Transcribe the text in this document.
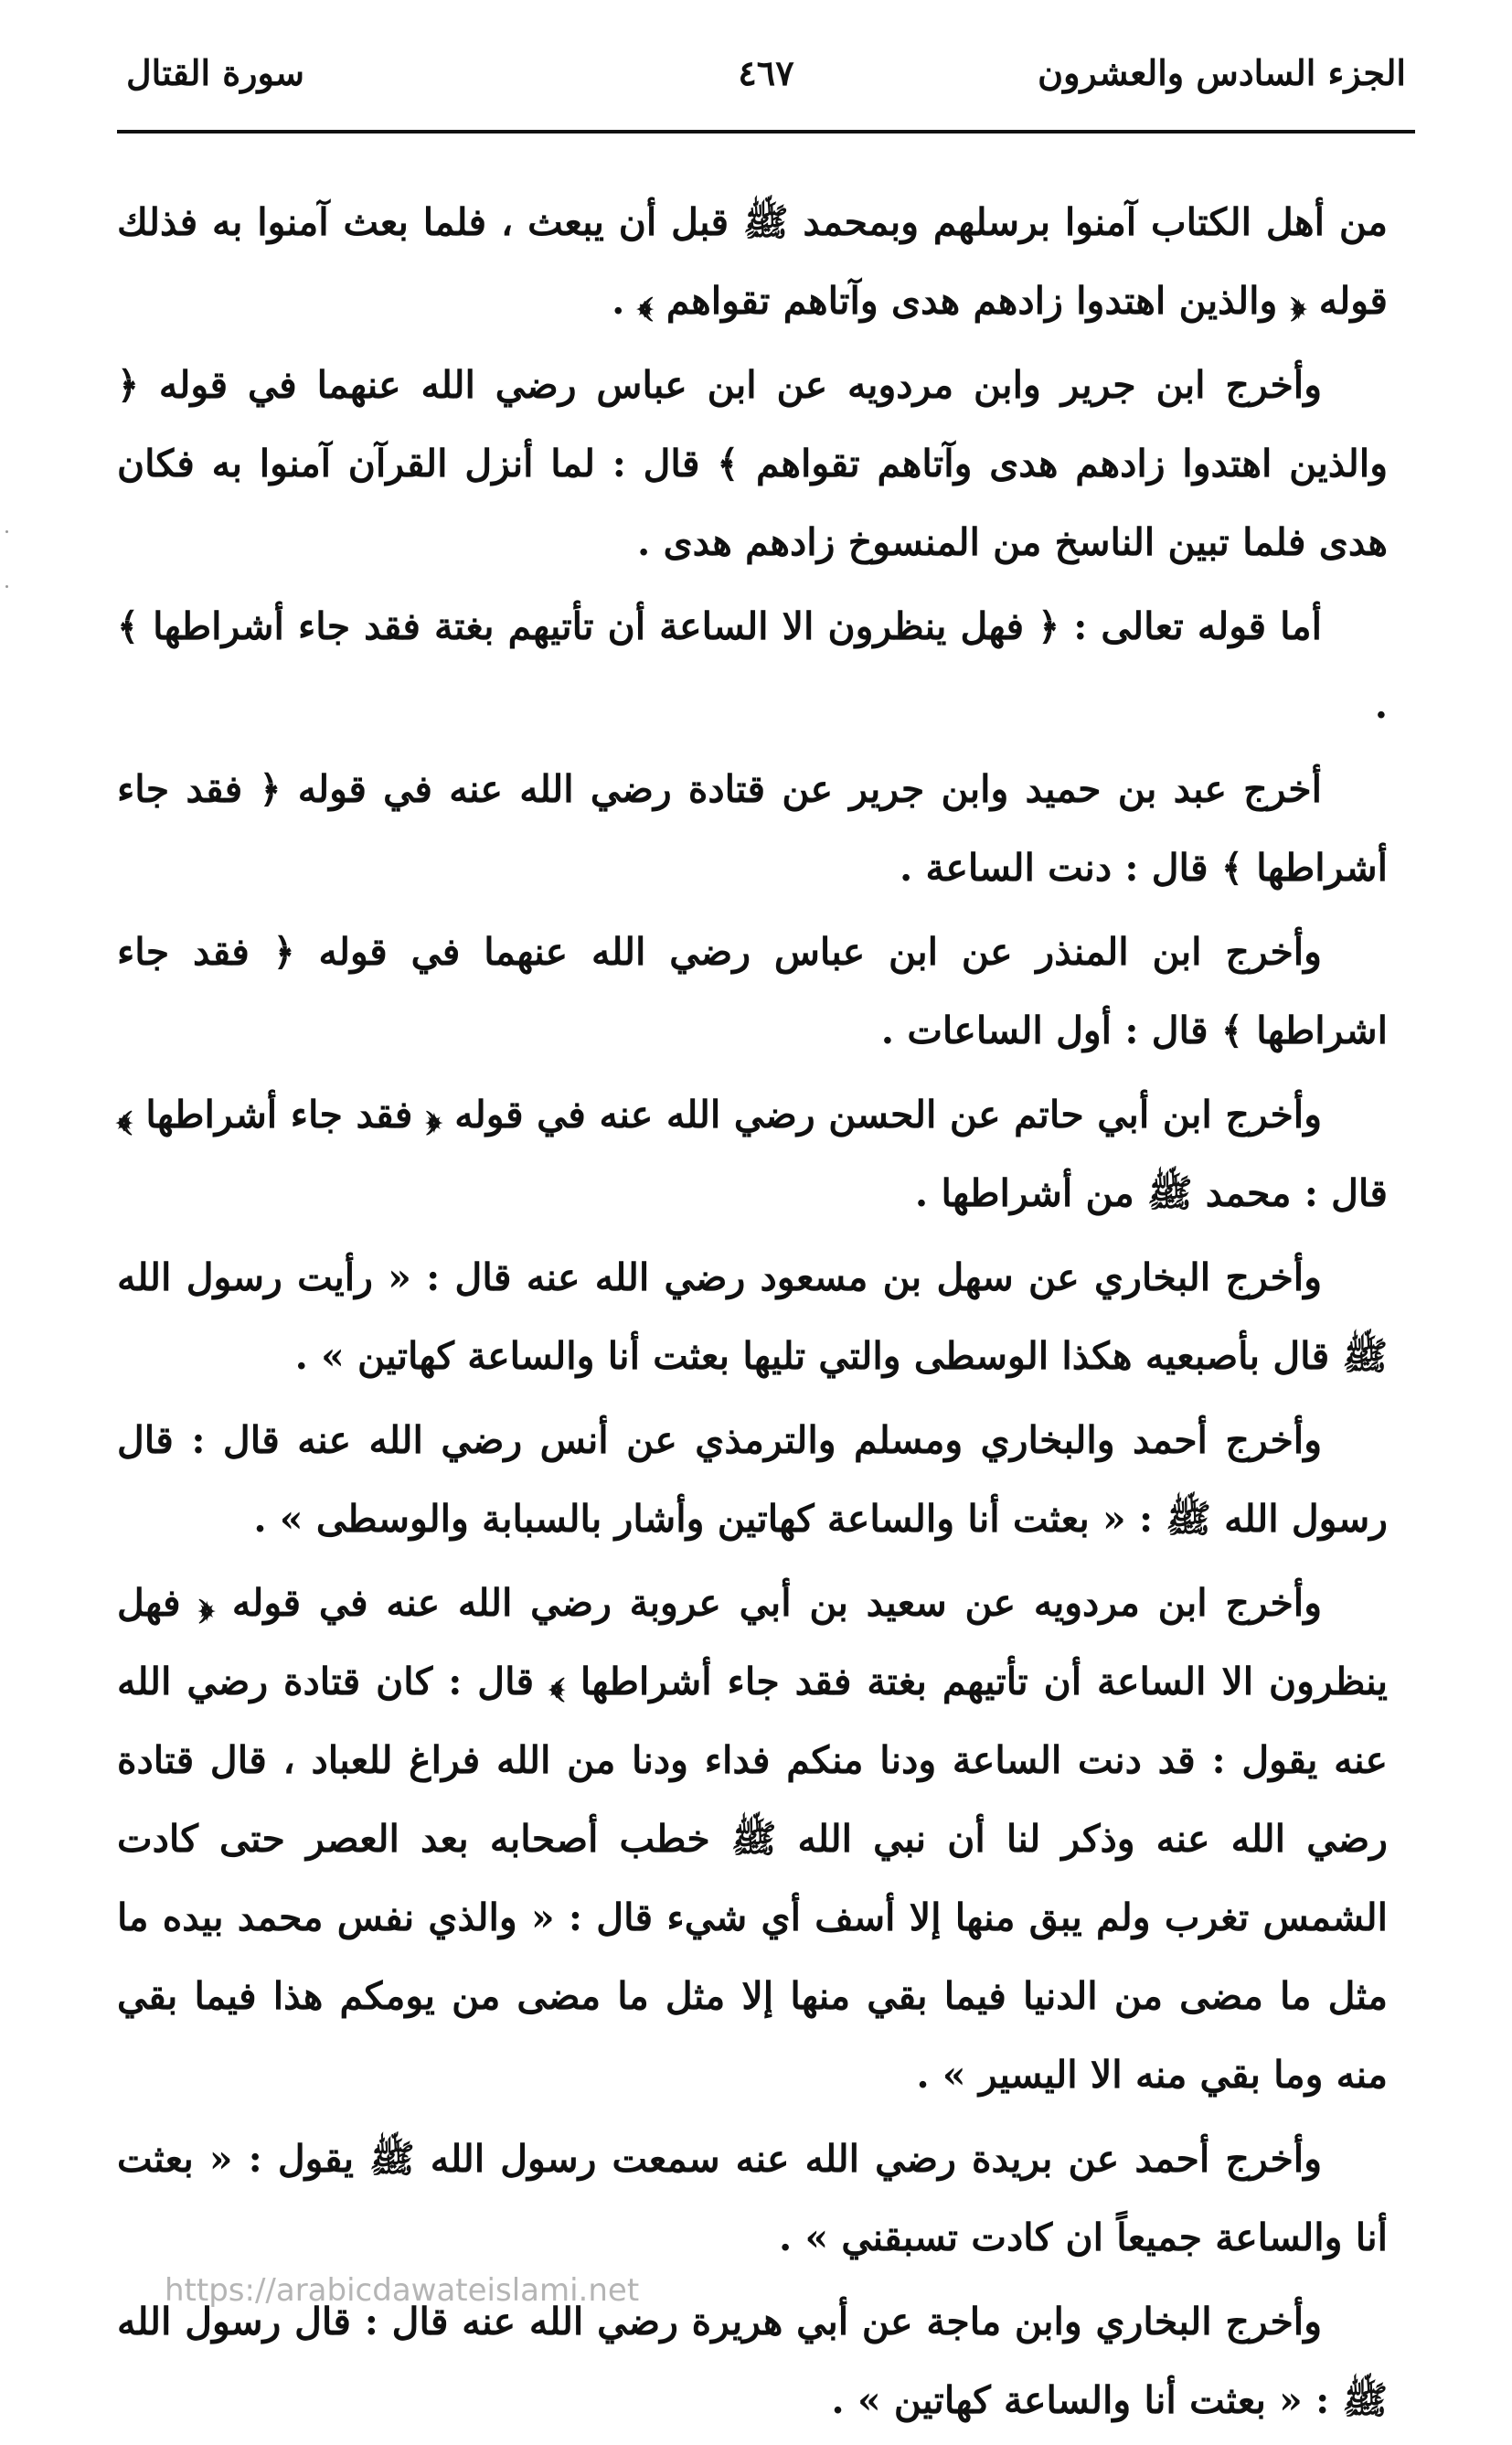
الجزء السادس والعشرون
٤٦٧
سورة القتال

من أهل الكتاب آمنوا برسلهم وبمحمد ﷺ قبل أن يبعث ، فلما بعث آمنوا به فذلك قوله ﴿ والذين اهتدوا زادهم هدى وآتاهم تقواهم ﴾ .

وأخرج ابن جرير وابن مردويه عن ابن عباس رضي الله عنهما في قوله ﴿ والذين اهتدوا زادهم هدى وآتاهم تقواهم ﴾ قال : لما أنزل القرآن آمنوا به فكان هدى فلما تبين الناسخ من المنسوخ زادهم هدى .

أما قوله تعالى : ﴿ فهل ينظرون الا الساعة أن تأتيهم بغتة فقد جاء أشراطها ﴾ .

أخرج عبد بن حميد وابن جرير عن قتادة رضي الله عنه في قوله ﴿ فقد جاء أشراطها ﴾ قال : دنت الساعة .

وأخرج ابن المنذر عن ابن عباس رضي الله عنهما في قوله ﴿ فقد جاء اشراطها ﴾ قال : أول الساعات .

وأخرج ابن أبي حاتم عن الحسن رضي الله عنه في قوله ﴿ فقد جاء أشراطها ﴾ قال : محمد ﷺ من أشراطها .

وأخرج البخاري عن سهل بن مسعود رضي الله عنه قال : « رأيت رسول الله ﷺ قال بأصبعيه هكذا الوسطى والتي تليها بعثت أنا والساعة كهاتين » .

وأخرج أحمد والبخاري ومسلم والترمذي عن أنس رضي الله عنه قال : قال رسول الله ﷺ : « بعثت أنا والساعة كهاتين وأشار بالسبابة والوسطى » .

وأخرج ابن مردويه عن سعيد بن أبي عروبة رضي الله عنه في قوله ﴿ فهل ينظرون الا الساعة أن تأتيهم بغتة فقد جاء أشراطها ﴾ قال : كان قتادة رضي الله عنه يقول : قد دنت الساعة ودنا منكم فداء ودنا من الله فراغ للعباد ، قال قتادة رضي الله عنه وذكر لنا أن نبي الله ﷺ خطب أصحابه بعد العصر حتى كادت الشمس تغرب ولم يبق منها إلا أسف أي شيء قال : « والذي نفس محمد بيده ما مثل ما مضى من الدنيا فيما بقي منها إلا مثل ما مضى من يومكم هذا فيما بقي منه وما بقي منه الا اليسير » .

وأخرج أحمد عن بريدة رضي الله عنه سمعت رسول الله ﷺ يقول : « بعثت أنا والساعة جميعاً ان كادت تسبقني » .

وأخرج البخاري وابن ماجة عن أبي هريرة رضي الله عنه قال : قال رسول الله ﷺ : « بعثت أنا والساعة كهاتين » .

https://arabicdawateislami.net
